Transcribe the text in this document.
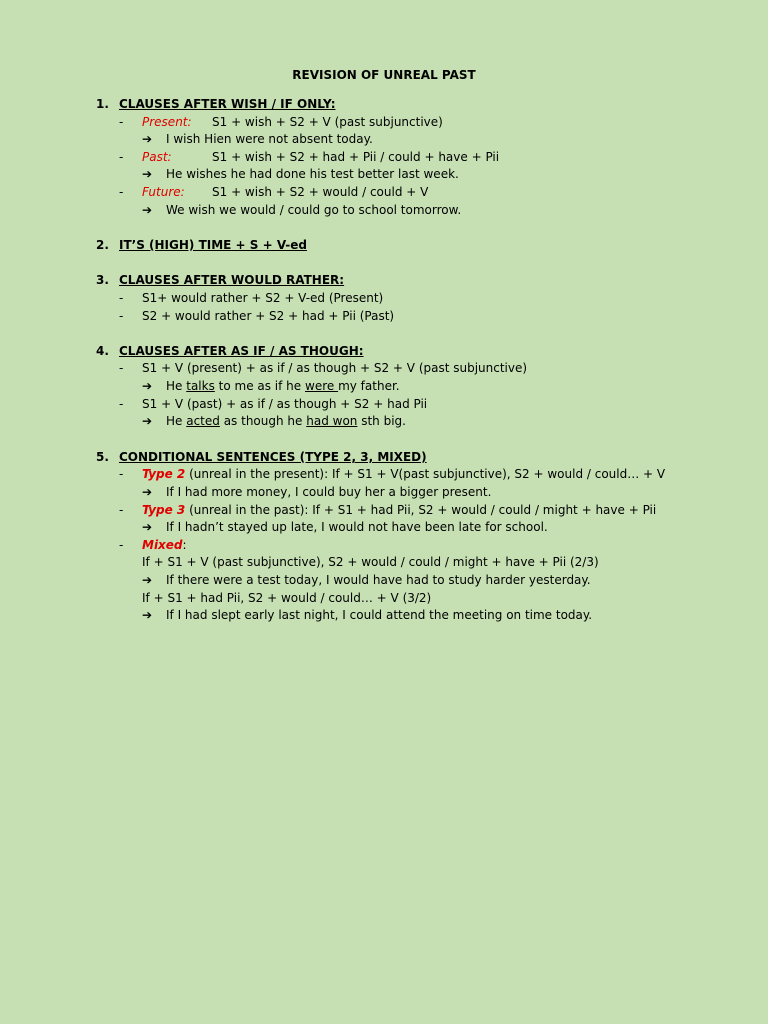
REVISION OF UNREAL PAST
1. CLAUSES AFTER WISH / IF ONLY:
- Present: S1 + wish + S2 + V (past subjunctive)
➔ I wish Hien were not absent today.
- Past:	S1 + wish + S2 + had + Pii / could + have + Pii
➔ He wishes he had done his test better last week.
- Future: S1 + wish + S2 + would / could + V
➔ We wish we would / could go to school tomorrow.
2. IT’S (HIGH) TIME + S + V-ed
3. CLAUSES AFTER WOULD RATHER:
- S1+ would rather + S2 + V-ed (Present)
- S2 + would rather + S2 + had + Pii (Past)
4. CLAUSES AFTER AS IF / AS THOUGH:
- S1 + V (present) + as if / as though + S2 + V (past subjunctive)
➔ He talks to me as if he were my father.
- S1 + V (past) + as if / as though + S2 + had Pii
➔ He acted as though he had won sth big.
5. CONDITIONAL SENTENCES (TYPE 2, 3, MIXED)
- Type 2 (unreal in the present): If + S1 + V(past subjunctive), S2 + would / could… + V
➔ If I had more money, I could buy her a bigger present.
- Type 3 (unreal in the past): If + S1 + had Pii, S2 + would / could / might + have + Pii
➔ If I hadn’t stayed up late, I would not have been late for school.
- Mixed:
If + S1 + V (past subjunctive), S2 + would / could / might + have + Pii (2/3)
➔ If there were a test today, I would have had to study harder yesterday.
If + S1 + had Pii, S2 + would / could… + V (3/2)
➔ If I had slept early last night, I could attend the meeting on time today.
